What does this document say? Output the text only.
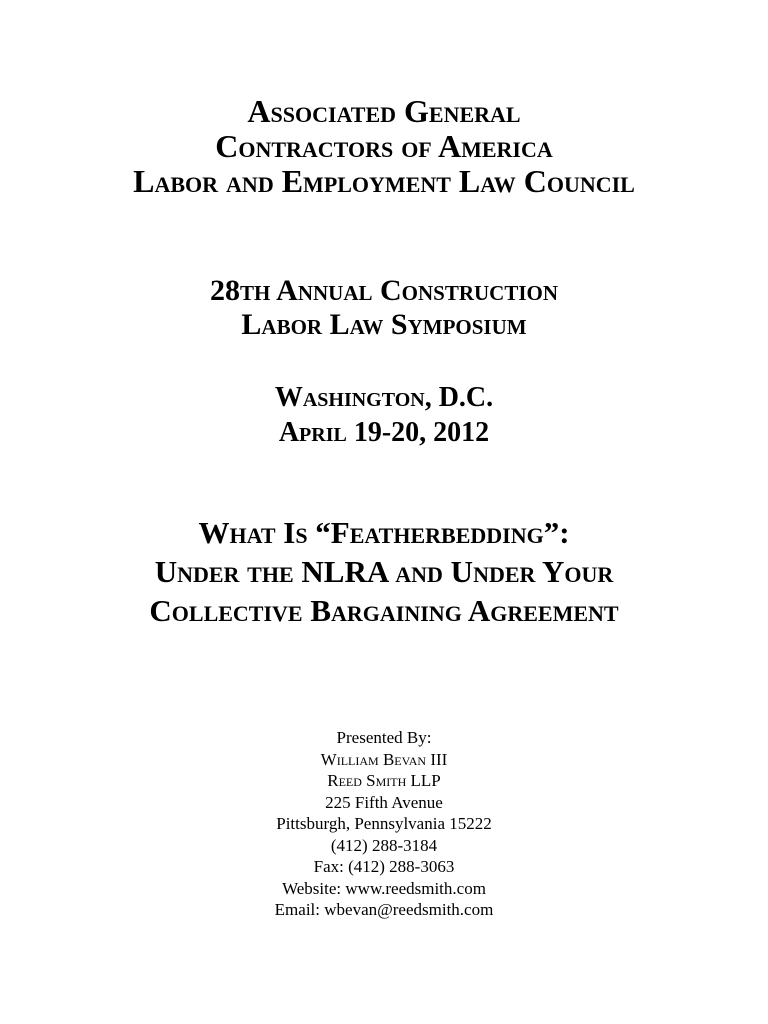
Associated General
Contractors of America
Labor and Employment Law Council
28th Annual Construction
Labor Law Symposium
Washington, D.C.
April 19-20, 2012
What Is “Featherbedding”:
Under the NLRA and Under Your
Collective Bargaining Agreement
Presented By:
William Bevan III
Reed Smith LLP
225 Fifth Avenue
Pittsburgh, Pennsylvania 15222
(412) 288-3184
Fax: (412) 288-3063
Website: www.reedsmith.com
Email: wbevan@reedsmith.com
